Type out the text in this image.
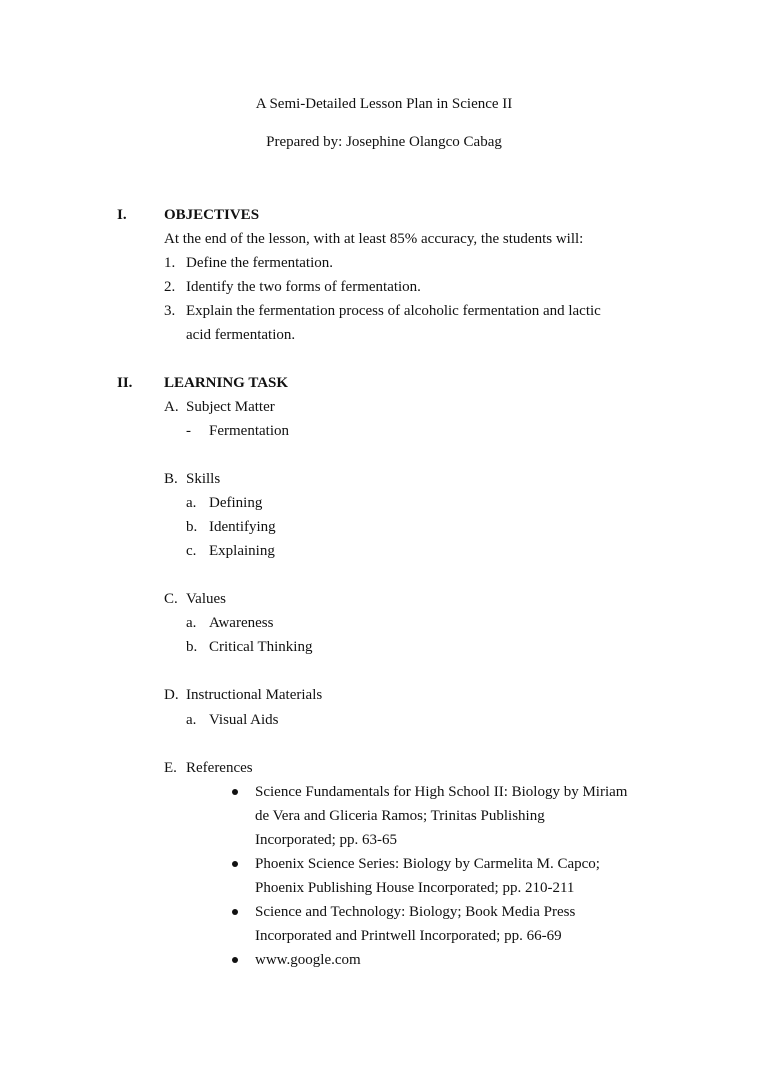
A Semi-Detailed Lesson Plan in Science II
Prepared by: Josephine Olangco Cabag
I. OBJECTIVES
At the end of the lesson, with at least 85% accuracy, the students will:
1. Define the fermentation.
2. Identify the two forms of fermentation.
3. Explain the fermentation process of alcoholic fermentation and lactic
acid fermentation.
II. LEARNING TASK
A. Subject Matter
- Fermentation
B. Skills
a. Defining
b. Identifying
c. Explaining
C. Values
a. Awareness
b. Critical Thinking
D. Instructional Materials
a. Visual Aids
E. References
Science Fundamentals for High School II: Biology by Miriam
de Vera and Gliceria Ramos; Trinitas Publishing
Incorporated; pp. 63-65
Phoenix Science Series: Biology by Carmelita M. Capco;
Phoenix Publishing House Incorporated; pp. 210-211
Science and Technology: Biology; Book Media Press
Incorporated and Printwell Incorporated; pp. 66-69
www.google.com
